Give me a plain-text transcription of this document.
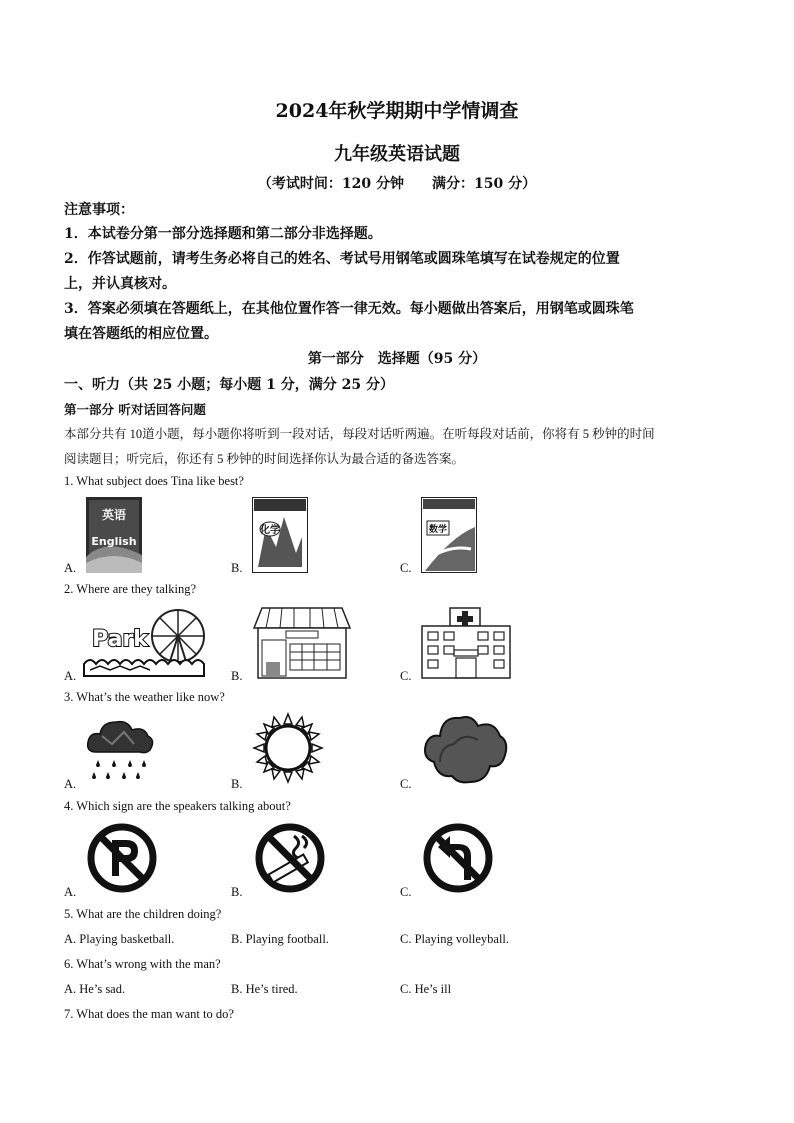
2024年秋学期期中学情调查
九年级英语试题
（考试时间：120 分钟　　满分：150 分）
注意事项：
1．本试卷分第一部分选择题和第二部分非选择题。
2．作答试题前，请考生务必将自己的姓名、考试号用钢笔或圆珠笔填写在试卷规定的位置
上，并认真核对。
3．答案必须填在答题纸上，在其他位置作答一律无效。每小题做出答案后，用钢笔或圆珠笔
填在答题纸的相应位置。
第一部分　选择题（95 分）
一、听力（共 25 小题；每小题 1 分，满分 25 分）
第一部分 听对话回答问题
本部分共有 10道小题，每小题你将听到一段对话，每段对话听两遍。在听每段对话前，你将有 5 秒钟的时间
阅读题目；听完后，你还有 5 秒钟的时间选择你认为最合适的备选答案。
1. What subject does Tina like best?
A.	B.	C.
英语
English
化学	数学
2. Where are they talking?
A.	B.	C.
Park
3. What’s the weather like now?
A.	B.	C.
4. Which sign are the speakers talking about?
A.	B.	C.
5. What are the children doing?
A. Playing basketball.	B. Playing football.	C. Playing volleyball.
6. What’s wrong with the man?
A. He’s sad.	B. He’s tired.	C. He’s ill
7. What does the man want to do?
